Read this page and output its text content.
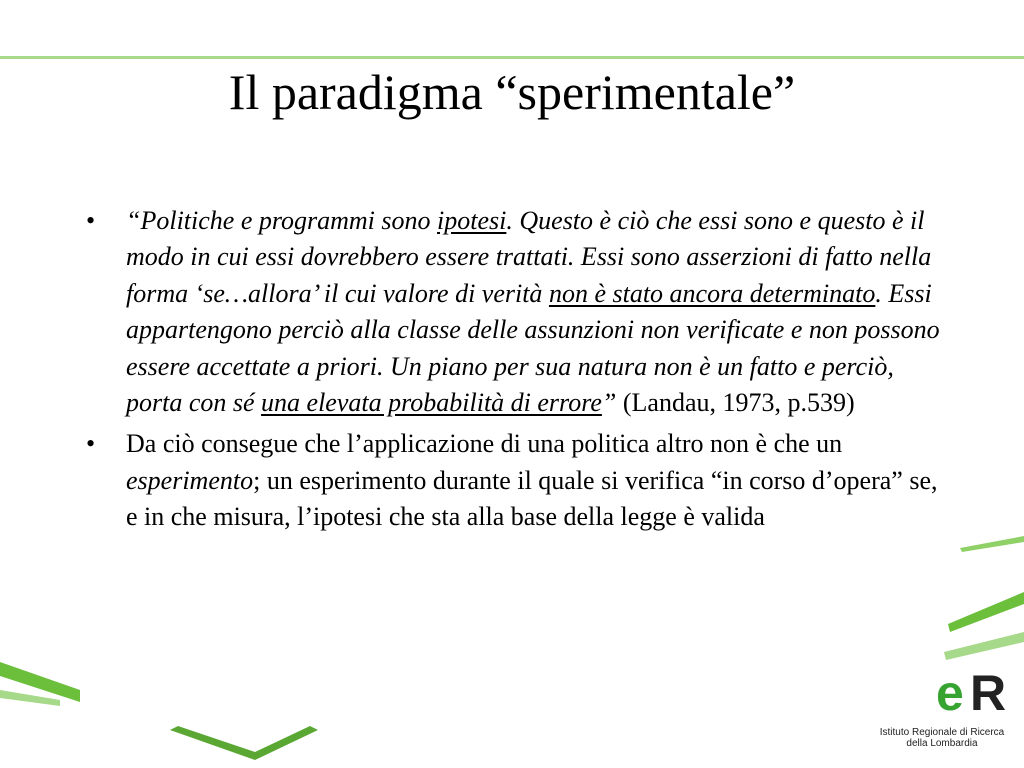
Il paradigma “sperimentale”
• “Politiche e programmi sono ipotesi. Questo è ciò che essi sono e questo è il modo in cui essi dovrebbero essere trattati. Essi sono asserzioni di fatto nella forma ‘se…allora’ il cui valore di verità non è stato ancora determinato. Essi appartengono perciò alla classe delle assunzioni non verificate e non possono essere accettate a priori. Un piano per sua natura non è un fatto e perciò, porta con sé una elevata probabilità di errore” (Landau, 1973, p.539)
• Da ciò consegue che l’applicazione di una politica altro non è che un esperimento; un esperimento durante il quale si verifica “in corso d’opera” se, e in che misura, l’ipotesi che sta alla base della legge è valida
e R
Istituto Regionale di Ricerca
della Lombardia
